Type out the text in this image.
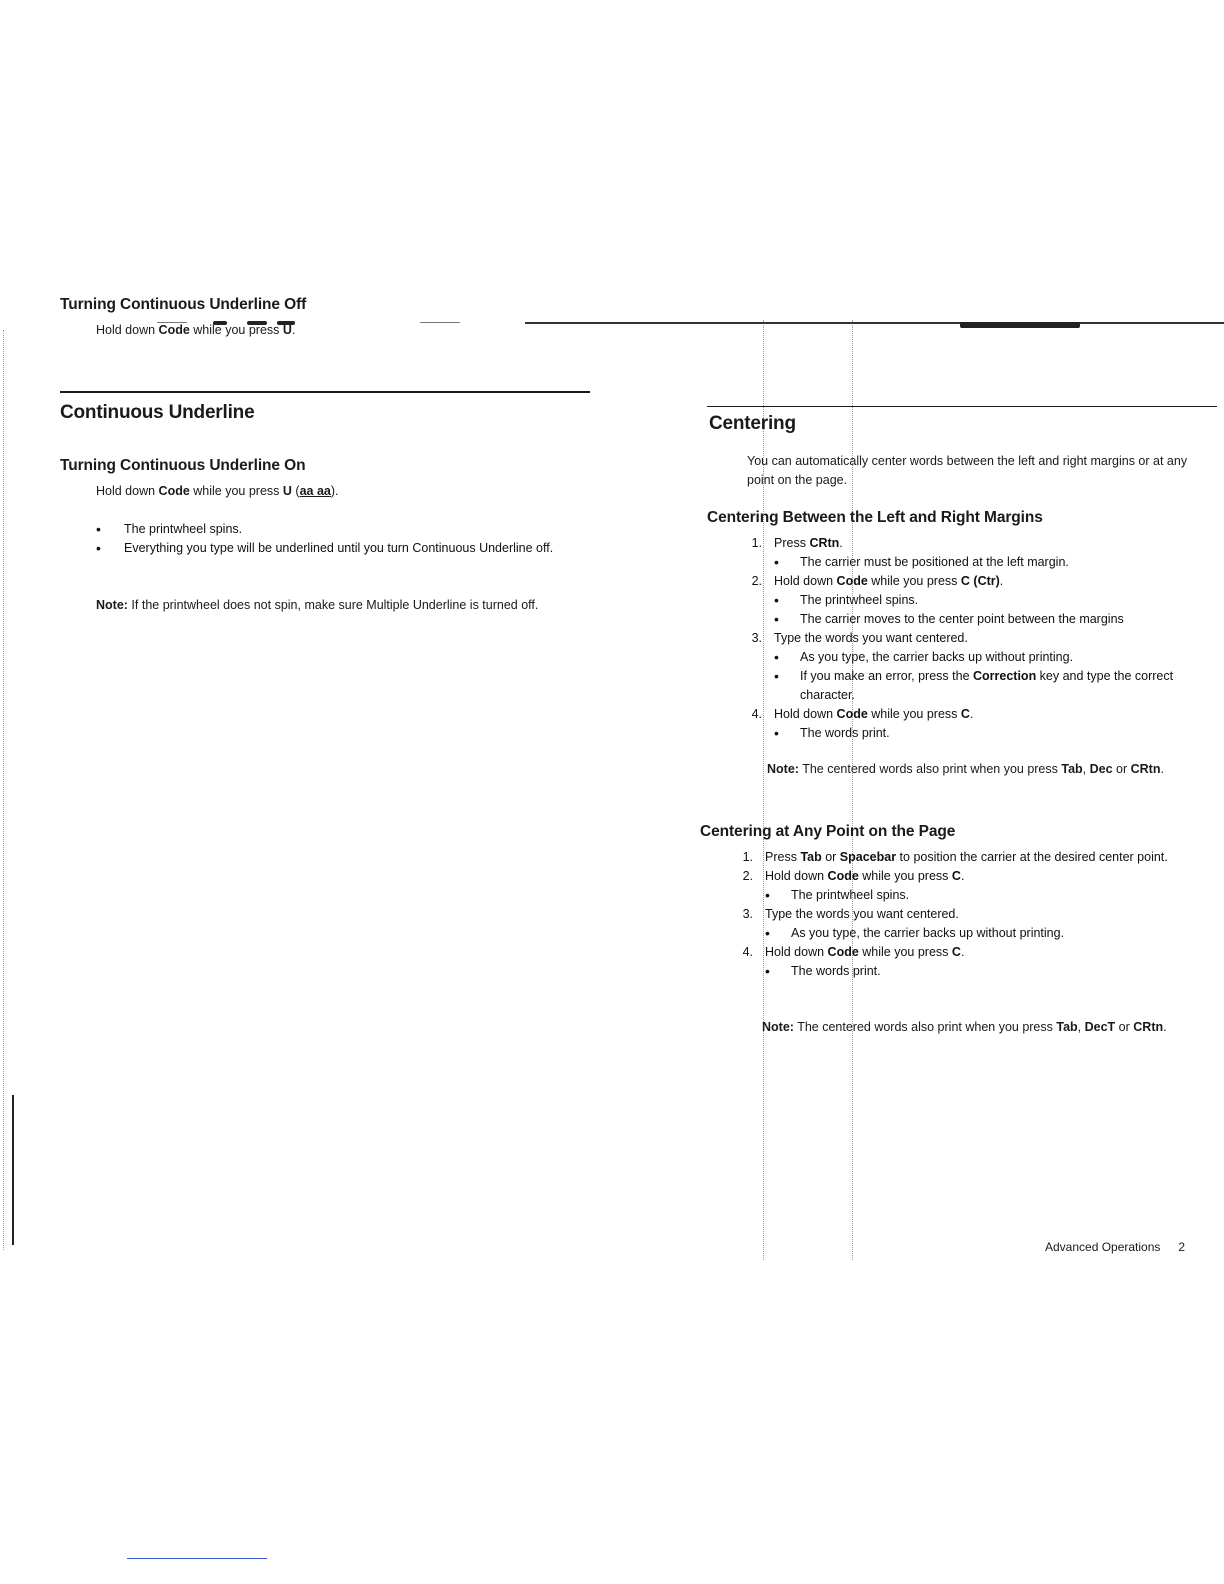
Continuous Underline
Turning Continuous Underline On
Hold down Code while you press U (aa aa).
• The printwheel spins.
• Everything you type will be underlined until you turn Continuous Underline off.
Note: If the printwheel does not spin, make sure Multiple Underline is turned off.
Turning Continuous Underline Off
Hold down Code while you press U.
Centering
You can automatically center words between the left and right margins or at any point on the page.
Centering Between the Left and Right Margins
1. Press CRtn.
• The carrier must be positioned at the left margin.
2. Hold down Code while you press C (Ctr).
• The printwheel spins.
• The carrier moves to the center point between the margins
3. Type the words you want centered.
• As you type, the carrier backs up without printing.
• If you make an error, press the Correction key and type the correct character.
4. Hold down Code while you press C.
• The words print.
Note: The centered words also print when you press Tab, Dec or CRtn.
Centering at Any Point on the Page
1. Press Tab or Spacebar to position the carrier at the desired center point.
2. Hold down Code while you press C.
• The printwheel spins.
3. Type the words you want centered.
• As you type, the carrier backs up without printing.
4. Hold down Code while you press C.
• The words print.
Note: The centered words also print when you press Tab, DecT or CRtn.
Advanced Operations 2
